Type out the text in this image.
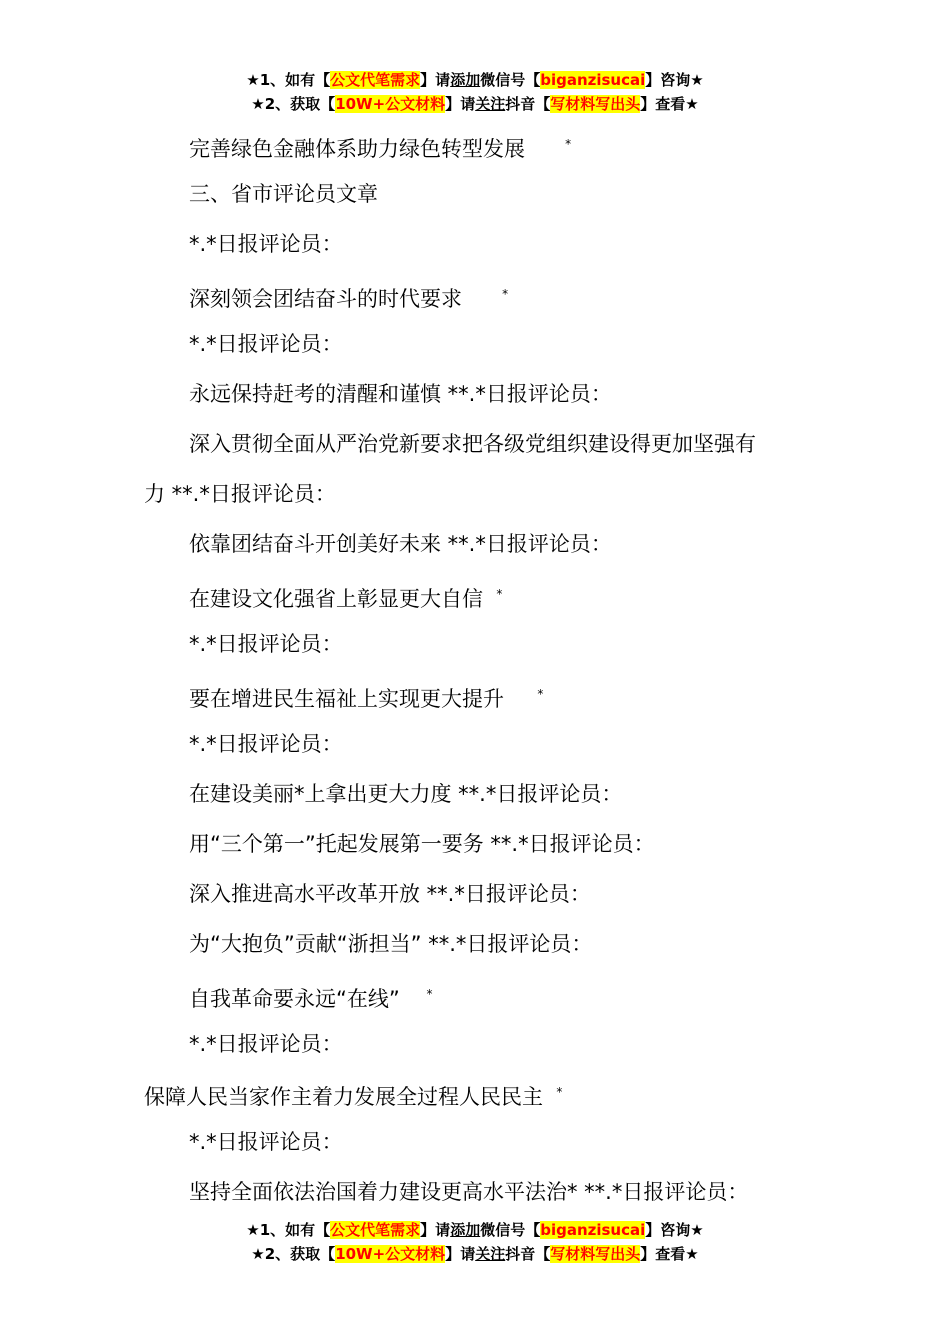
★1、如有【公文代笔需求】请添加微信号【biganzisucai】咨询★
★2、获取【10W+公文材料】请关注抖音【写材料写出头】查看★
完善绿色金融体系助力绿色转型发展	*
三、省市评论员文章
*.*日报评论员：
深刻领会团结奋斗的时代要求	*
*.*日报评论员：
永远保持赶考的清醒和谨慎 **.*日报评论员：
深入贯彻全面从严治党新要求把各级党组织建设得更加坚强有
力 **.*日报评论员：
依靠团结奋斗开创美好未来 **.*日报评论员：
在建设文化强省上彰显更大自信 *
*.*日报评论员：
要在增进民生福祉上实现更大提升	*
*.*日报评论员：
在建设美丽*上拿出更大力度 **.*日报评论员：
用“三个第一”托起发展第一要务 **.*日报评论员：
深入推进高水平改革开放 **.*日报评论员：
为“大抱负”贡献“浙担当” **.*日报评论员：
自我革命要永远“在线” *
*.*日报评论员：
保障人民当家作主着力发展全过程人民民主 *
*.*日报评论员：
坚持全面依法治国着力建设更高水平法治* **.*日报评论员：
★1、如有【公文代笔需求】请添加微信号【biganzisucai】咨询★
★2、获取【10W+公文材料】请关注抖音【写材料写出头】查看★
